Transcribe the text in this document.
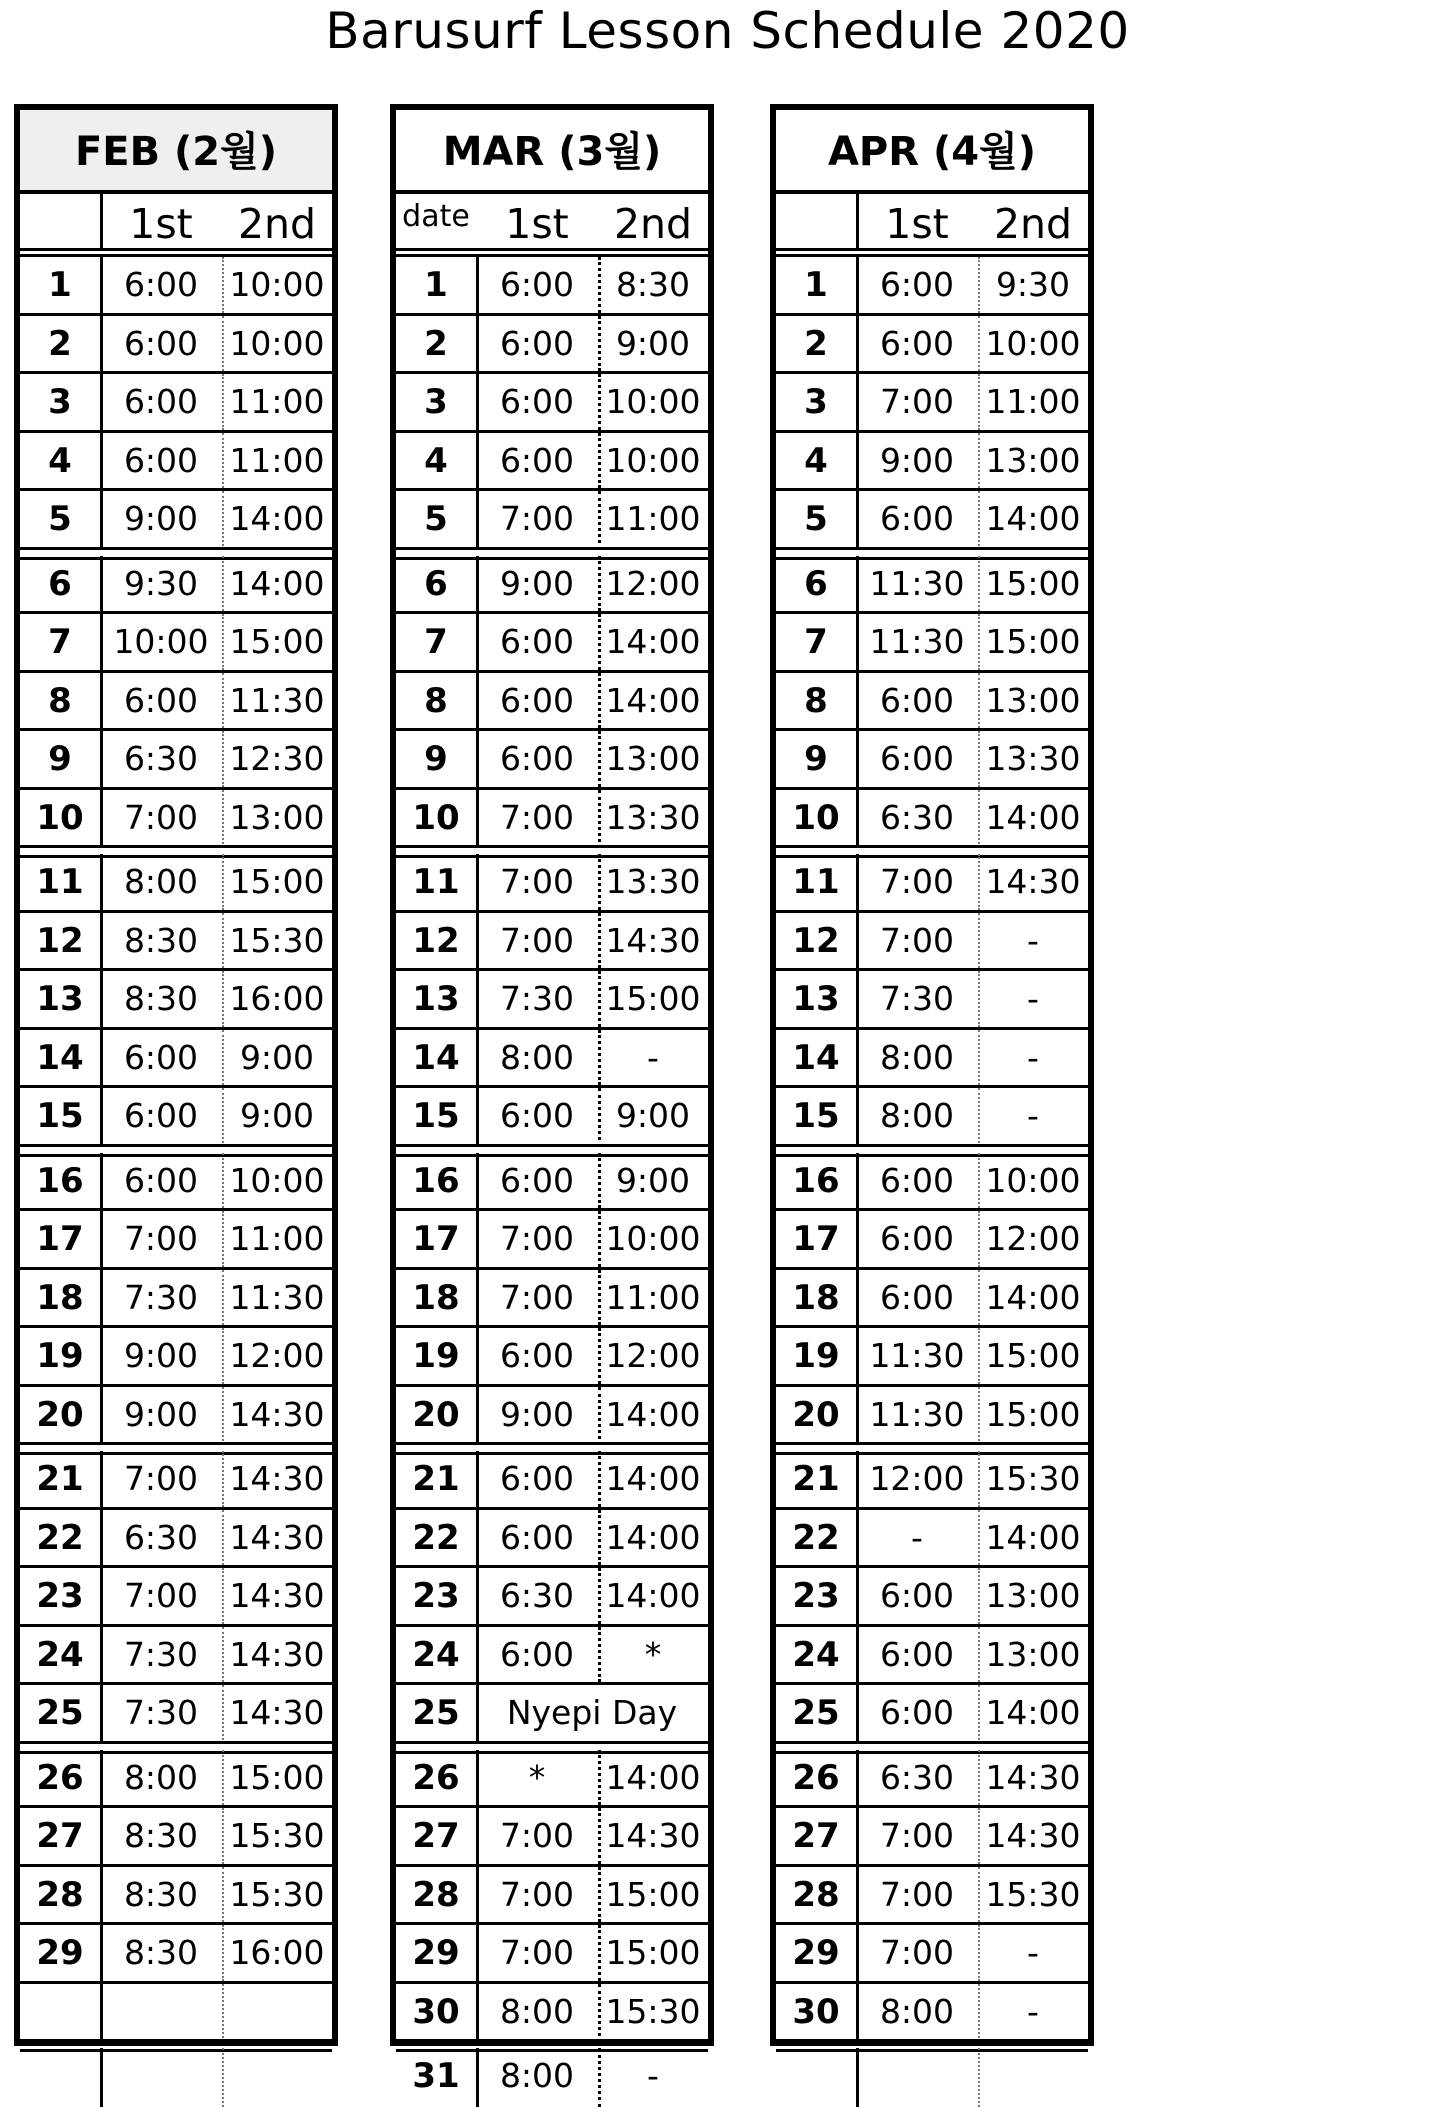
Barusurf Lesson Schedule 2020
FEB (2월)
1st	2nd
1	6:00 10:00
2	6:00 10:00
3	6:00 11:00
4	6:00 11:00
5	9:00 14:00
6	9:30 14:00
7	10:00 15:00
8	6:00 11:30
9	6:30 12:30
10	7:00 13:00
11	8:00 15:00
12	8:30 15:30
13	8:30 16:00
14	6:00	9:00
15	6:00	9:00
16	6:00 10:00
17	7:00 11:00
18	7:30 11:30
19	9:00 12:00
20	9:00 14:30
21	7:00 14:30
22	6:30 14:30
23	7:00 14:30
24	7:30 14:30
25	7:30 14:30
26	8:00 15:00
27	8:30 15:30
28	8:30 15:30
29	8:30 16:00
MAR (3월)
date 1st	2nd
1	6:00	8:30
2	6:00	9:00
3	6:00 10:00
4	6:00 10:00
5	7:00 11:00
6	9:00 12:00
7	6:00 14:00
8	6:00 14:00
9	6:00 13:00
10	7:00 13:30
11	7:00 13:30
12	7:00 14:30
13	7:30 15:00
14	8:00	-
15	6:00	9:00
16	6:00	9:00
17	7:00 10:00
18	7:00 11:00
19	6:00 12:00
20	9:00 14:00
21	6:00 14:00
22	6:00 14:00
23	6:30 14:00
24	6:00	*
25	Nyepi Day
26	*	14:00
27	7:00 14:30
28	7:00 15:00
29	7:00 15:00
30	8:00 15:30
31	8:00	-
APR (4월)
1st	2nd
1	6:00	9:30
2	6:00 10:00
3	7:00 11:00
4	9:00 13:00
5	6:00 14:00
6	11:30 15:00
7	11:30 15:00
8	6:00 13:00
9	6:00 13:30
10	6:30 14:00
11	7:00 14:30
12	7:00	-
13	7:30	-
14	8:00	-
15	8:00	-
16	6:00 10:00
17	6:00 12:00
18	6:00 14:00
19 11:30 15:00
20 11:30 15:00
21 12:00 15:30
22	-	14:00
23	6:00 13:00
24	6:00 13:00
25	6:00 14:00
26	6:30 14:30
27	7:00 14:30
28	7:00 15:30
29	7:00	-
30	8:00	-
